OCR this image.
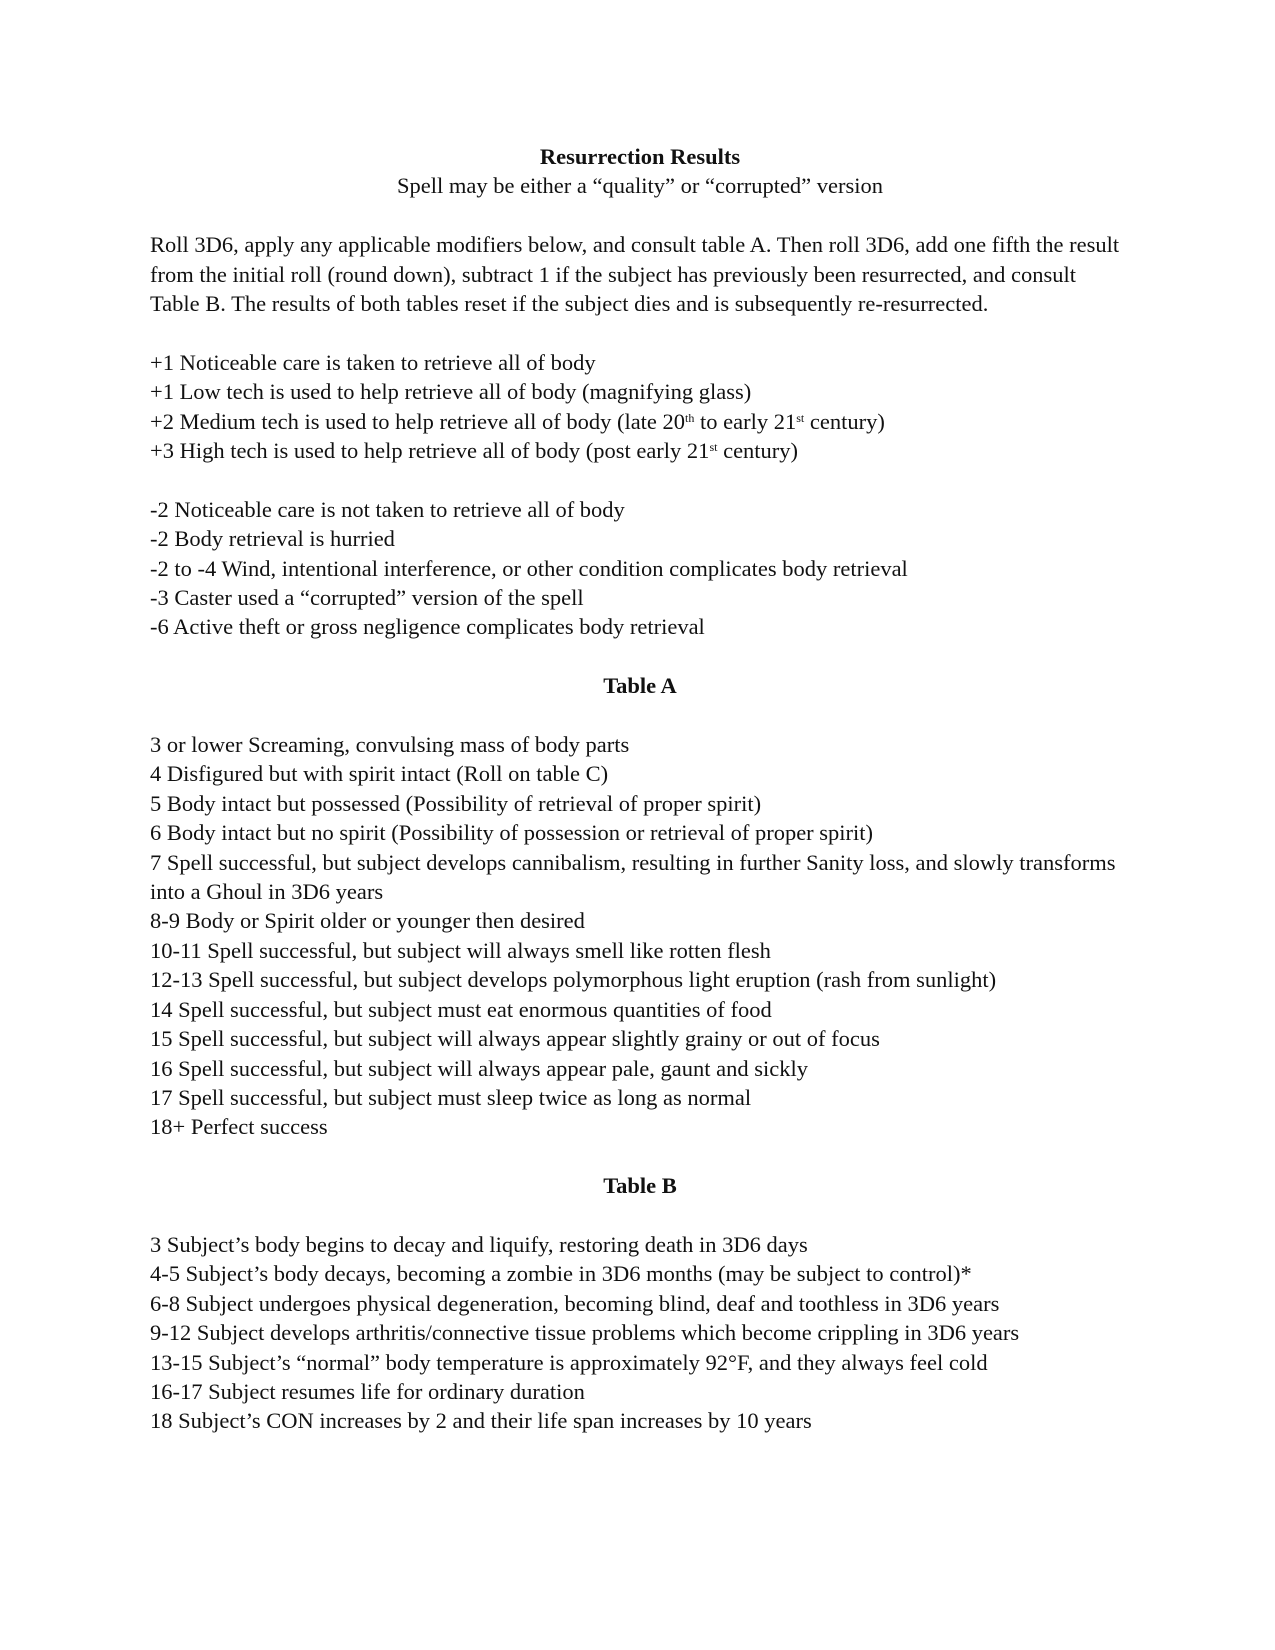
Resurrection Results
Spell may be either a “quality” or “corrupted” version

Roll 3D6, apply any applicable modifiers below, and consult table A. Then roll 3D6, add one fifth the result from the initial roll (round down), subtract 1 if the subject has previously been resurrected, and consult Table B. The results of both tables reset if the subject dies and is subsequently re-resurrected.

+1 Noticeable care is taken to retrieve all of body
+1 Low tech is used to help retrieve all of body (magnifying glass)
+2 Medium tech is used to help retrieve all of body (late 20th to early 21st century)
+3 High tech is used to help retrieve all of body (post early 21st century)
-2 Noticeable care is not taken to retrieve all of body
-2 Body retrieval is hurried
-2 to -4 Wind, intentional interference, or other condition complicates body retrieval
-3 Caster used a “corrupted” version of the spell
-6 Active theft or gross negligence complicates body retrieval
Table A
3 or lower Screaming, convulsing mass of body parts
4 Disfigured but with spirit intact (Roll on table C)
5 Body intact but possessed (Possibility of retrieval of proper spirit)
6 Body intact but no spirit (Possibility of possession or retrieval of proper spirit)
7 Spell successful, but subject develops cannibalism, resulting in further Sanity loss, and slowly transforms into a Ghoul in 3D6 years
8-9 Body or Spirit older or younger then desired
10-11 Spell successful, but subject will always smell like rotten flesh
12-13 Spell successful, but subject develops polymorphous light eruption (rash from sunlight)
14 Spell successful, but subject must eat enormous quantities of food
15 Spell successful, but subject will always appear slightly grainy or out of focus
16 Spell successful, but subject will always appear pale, gaunt and sickly
17 Spell successful, but subject must sleep twice as long as normal
18+ Perfect success
Table B
3 Subject’s body begins to decay and liquify, restoring death in 3D6 days
4-5 Subject’s body decays, becoming a zombie in 3D6 months (may be subject to control)*
6-8 Subject undergoes physical degeneration, becoming blind, deaf and toothless in 3D6 years
9-12 Subject develops arthritis/connective tissue problems which become crippling in 3D6 years
13-15 Subject’s “normal” body temperature is approximately 92°F, and they always feel cold
16-17 Subject resumes life for ordinary duration
18 Subject’s CON increases by 2 and their life span increases by 10 years
